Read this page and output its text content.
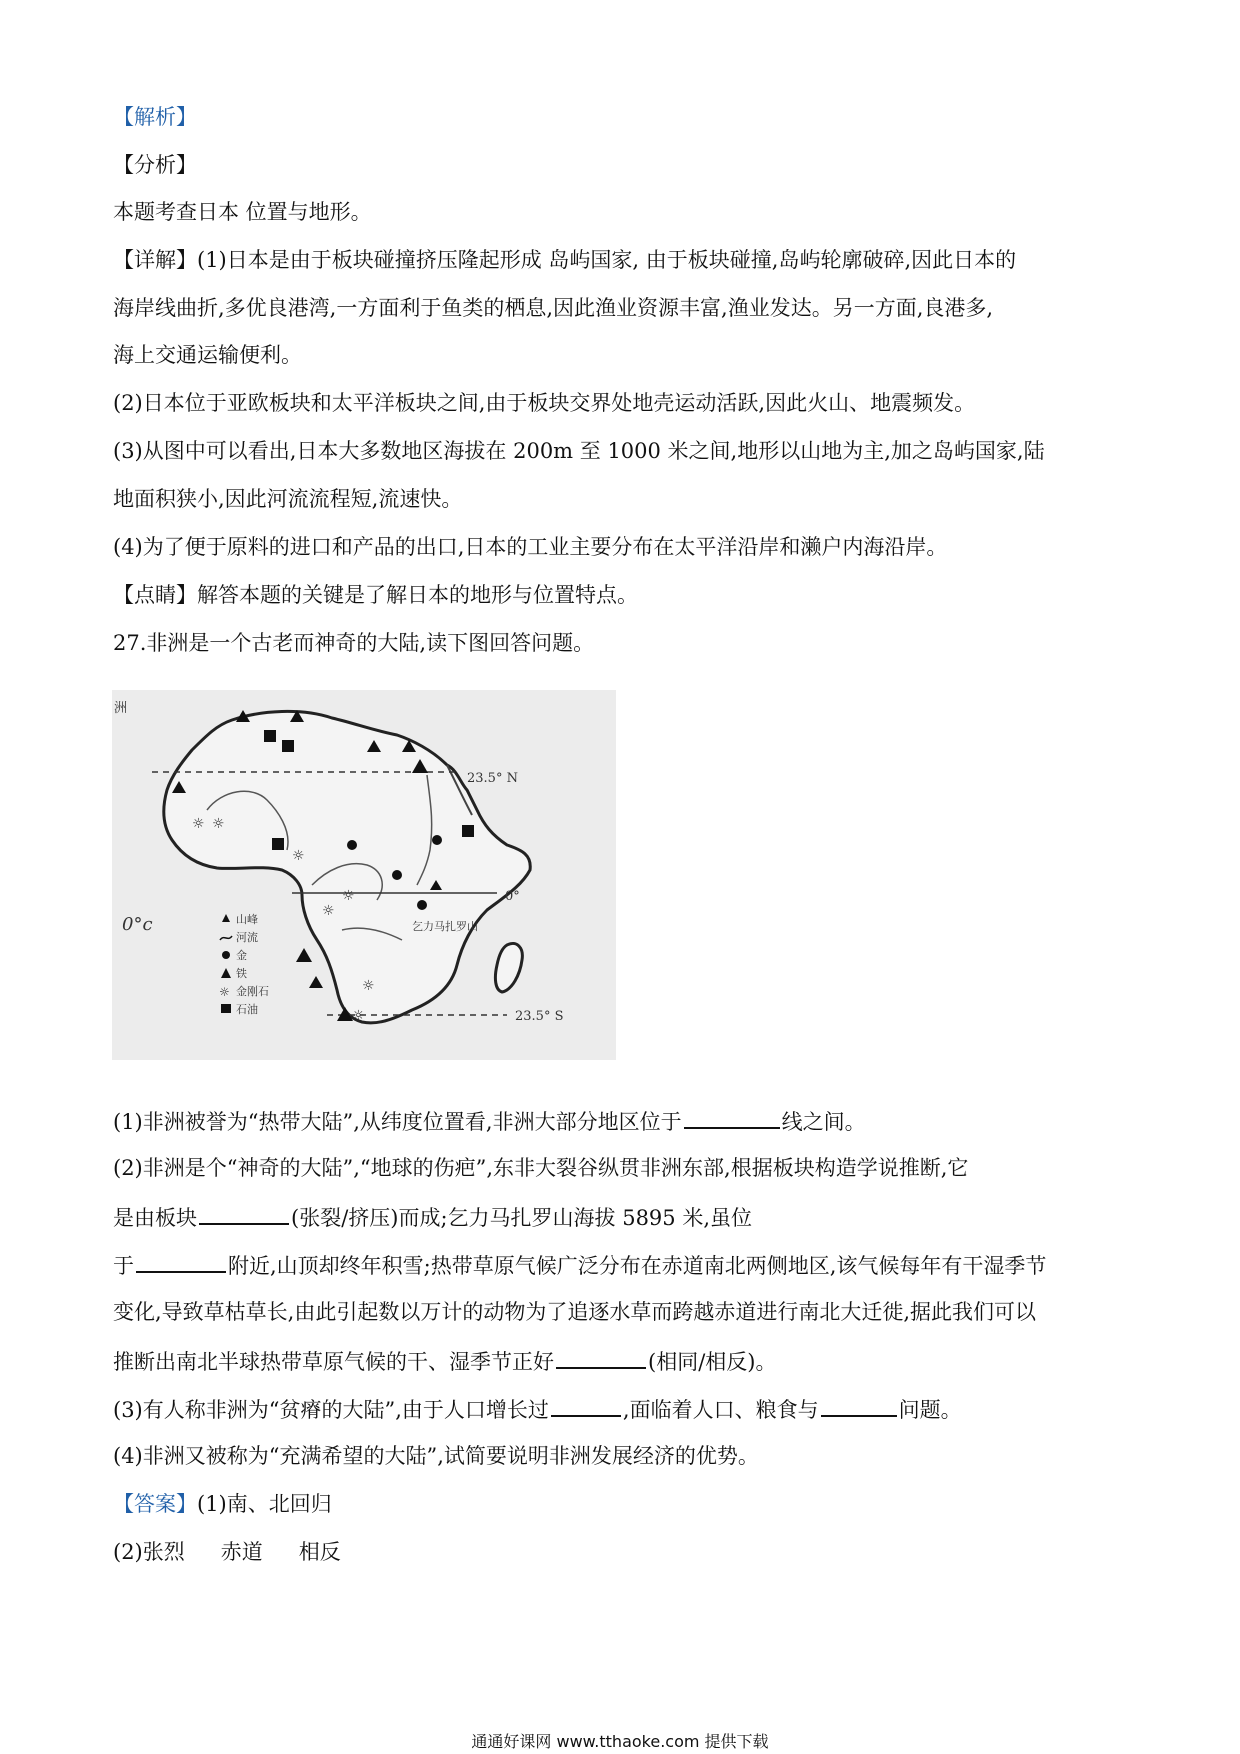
【解析】
【分析】
本题考查日本 位置与地形。
【详解】(1)日本是由于板块碰撞挤压隆起形成 岛屿国家, 由于板块碰撞,岛屿轮廓破碎,因此日本的
海岸线曲折,多优良港湾,一方面利于鱼类的栖息,因此渔业资源丰富,渔业发达。另一方面,良港多,
海上交通运输便利。
(2)日本位于亚欧板块和太平洋板块之间,由于板块交界处地壳运动活跃,因此火山、地震频发。
(3)从图中可以看出,日本大多数地区海拔在 200m 至 1000 米之间,地形以山地为主,加之岛屿国家,陆
地面积狭小,因此河流流程短,流速快。
(4)为了便于原料的进口和产品的出口,日本的工业主要分布在太平洋沿岸和濑户内海沿岸。
【点睛】解答本题的关键是了解日本的地形与位置特点。
27.非洲是一个古老而神奇的大陆,读下图回答问题。
23.5° N
0°
23.5° S
洲
0°c	乞力马扎罗山
☼ ☼
☼
☼
☼
☼
☼
山峰
河流
金
铁
☼ 金刚石
石油
(1)非洲被誉为“热带大陆”,从纬度位置看,非洲大部分地区位于	线之间。
(2)非洲是个“神奇的大陆”,“地球的伤疤”,东非大裂谷纵贯非洲东部,根据板块构造学说推断,它
是由板块	(张裂/挤压)而成;乞力马扎罗山海拔 5895 米,虽位
于	附近,山顶却终年积雪;热带草原气候广泛分布在赤道南北两侧地区,该气候每年有干湿季节
变化,导致草枯草长,由此引起数以万计的动物为了追逐水草而跨越赤道进行南北大迁徙,据此我们可以
推断出南北半球热带草原气候的干、湿季节正好	(相同/相反)。
(3)有人称非洲为“贫瘠的大陆”,由于人口增长过	,面临着人口、粮食与	问题。
(4)非洲又被称为“充满希望的大陆”,试简要说明非洲发展经济的优势。
【答案】(1)南、北回归
(2)张烈 赤道 相反
通通好课网 www.tthaoke.com 提供下载
